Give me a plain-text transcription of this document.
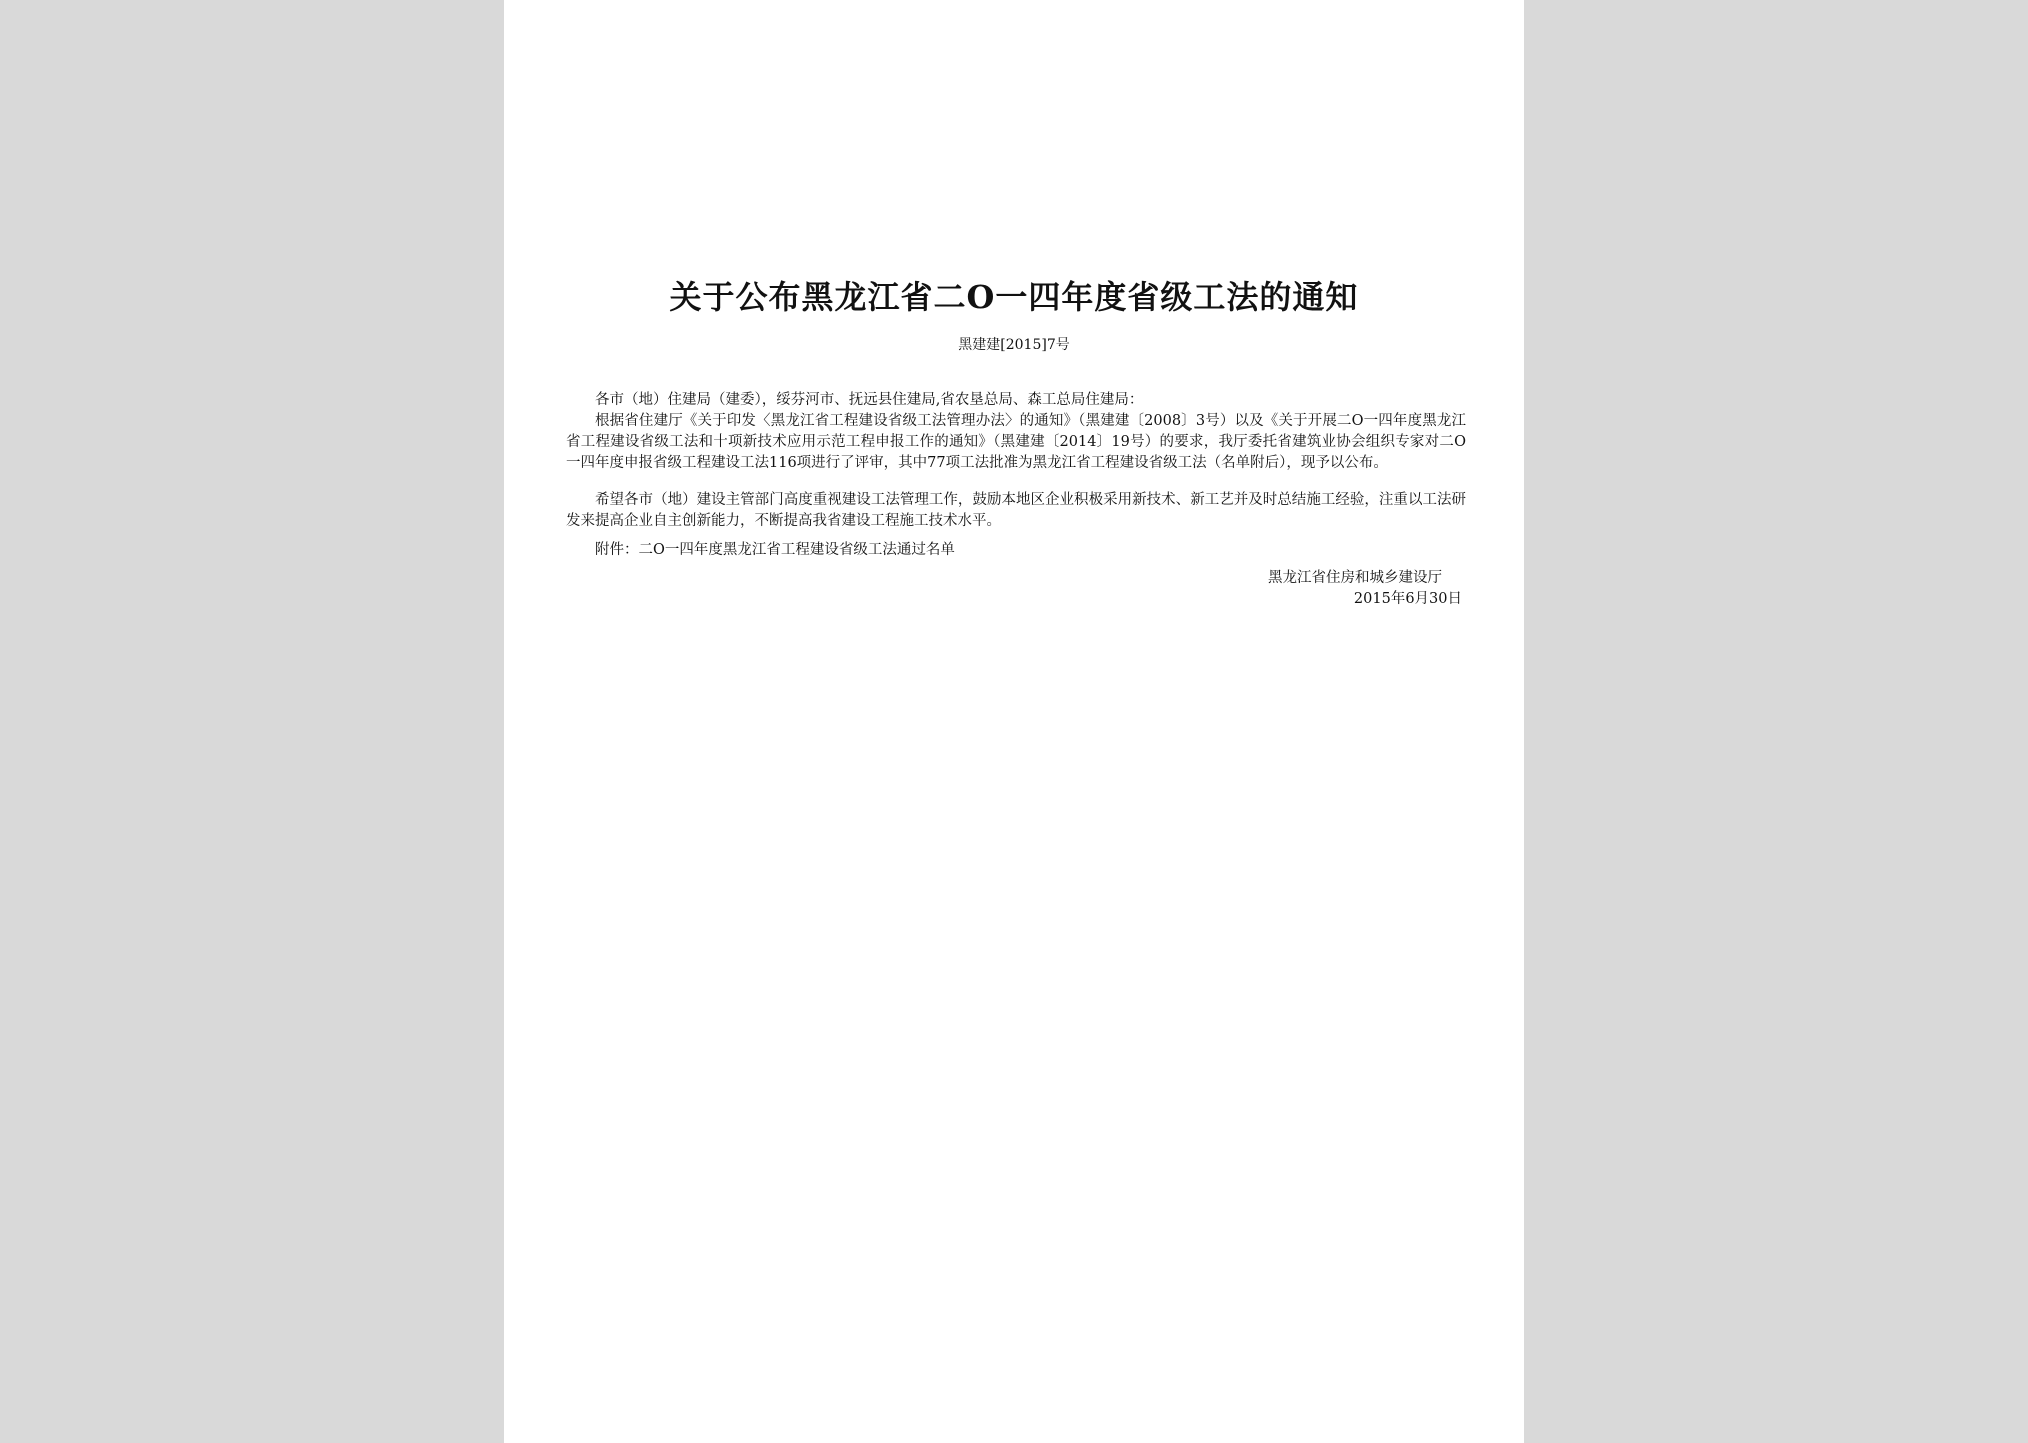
关于公布黑龙江省二O一四年度省级工法的通知
黑建建[2015]7号
各市（地）住建局（建委），绥芬河市、抚远县住建局,省农垦总局、森工总局住建局：
根据省住建厅《关于印发〈黑龙江省工程建设省级工法管理办法〉的通知》（黑建建〔2008〕3号）以及《关于开展二O一四年度黑龙江省工程建设省级工法和十项新技术应用示范工程申报工作的通知》（黑建建〔2014〕19号）的要求，我厅委托省建筑业协会组织专家对二O一四年度申报省级工程建设工法116项进行了评审，其中77项工法批准为黑龙江省工程建设省级工法（名单附后），现予以公布。
希望各市（地）建设主管部门高度重视建设工法管理工作，鼓励本地区企业积极采用新技术、新工艺并及时总结施工经验，注重以工法研发来提高企业自主创新能力，不断提高我省建设工程施工技术水平。
附件：二O一四年度黑龙江省工程建设省级工法通过名单
黑龙江省住房和城乡建设厅
2015年6月30日
